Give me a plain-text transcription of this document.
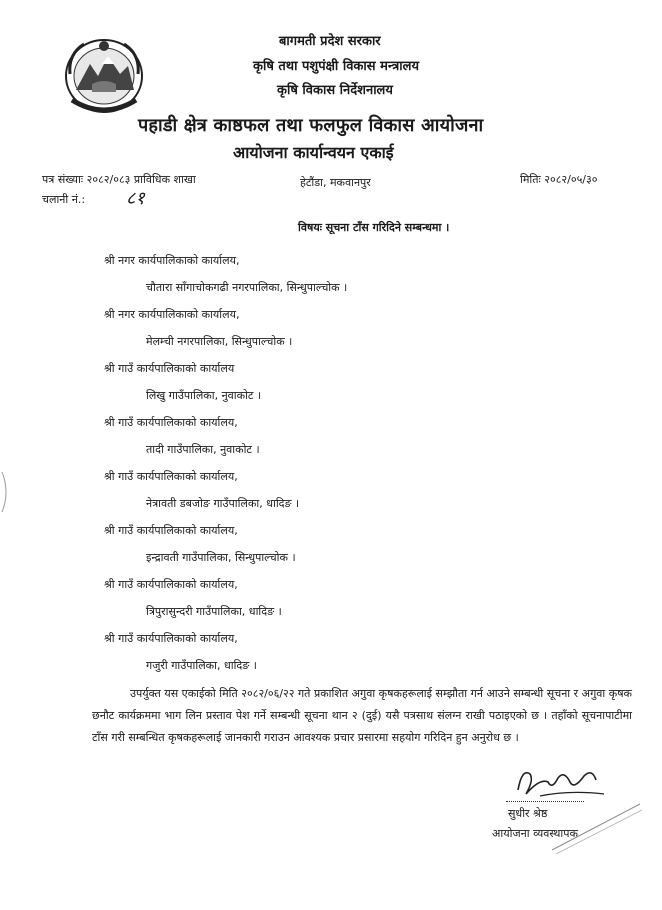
बागमती प्रदेश सरकार
कृषि तथा पशुपंक्षी विकास मन्त्रालय
कृषि विकास निर्देशनालय
पहाडी क्षेत्र काष्ठफल तथा फलफुल विकास आयोजना
आयोजना कार्यान्वयन एकाई
पत्र संख्याः २०८२/०८३ प्राविधिक शाखा	हेटौंडा, मकवानपुर	मितिः २०८२/०५/३०
चलानी नं.: ८१
विषयः सूचना टाँस गरिदिने सम्बन्धमा ।
श्री नगर कार्यपालिकाको कार्यालय,
चौतारा साँगाचोकगढी नगरपालिका, सिन्धुपाल्चोक ।
श्री नगर कार्यपालिकाको कार्यालय,
मेलम्ची नगरपालिका, सिन्धुपाल्चोक ।
श्री गाउँ कार्यपालिकाको कार्यालय
लिखु गाउँपालिका, नुवाकोट ।
श्री गाउँ कार्यपालिकाको कार्यालय,
तादी गाउँपालिका, नुवाकोट ।
श्री गाउँ कार्यपालिकाको कार्यालय,
नेत्रावती डबजोङ गाउँपालिका, धादिङ ।
श्री गाउँ कार्यपालिकाको कार्यालय,
इन्द्रावती गाउँपालिका, सिन्धुपाल्चोक ।
श्री गाउँ कार्यपालिकाको कार्यालय,
त्रिपुरासुन्दरी गाउँपालिका, धादिङ ।
श्री गाउँ कार्यपालिकाको कार्यालय,
गजुरी गाउँपालिका, धादिङ ।
उपर्युक्त यस एकाईको मिति २०८२/०६/२२ गते प्रकाशित अगुवा कृषकहरूलाई सम्झौता गर्न आउने सम्बन्धी सूचना र अगुवा कृषक छनौट कार्यक्रममा भाग लिन प्रस्ताव पेश गर्ने सम्बन्धी सूचना थान २ (दुई) यसै पत्रसाथ संलग्न राखी पठाइएको छ । तहाँको सूचनापाटीमा टाँस गरी सम्बन्धित कृषकहरूलाई जानकारी गराउन आवश्यक प्रचार प्रसारमा सहयोग गरिदिन हुन अनुरोध छ ।
सुधीर श्रेष्ठ
आयोजना व्यवस्थापक
